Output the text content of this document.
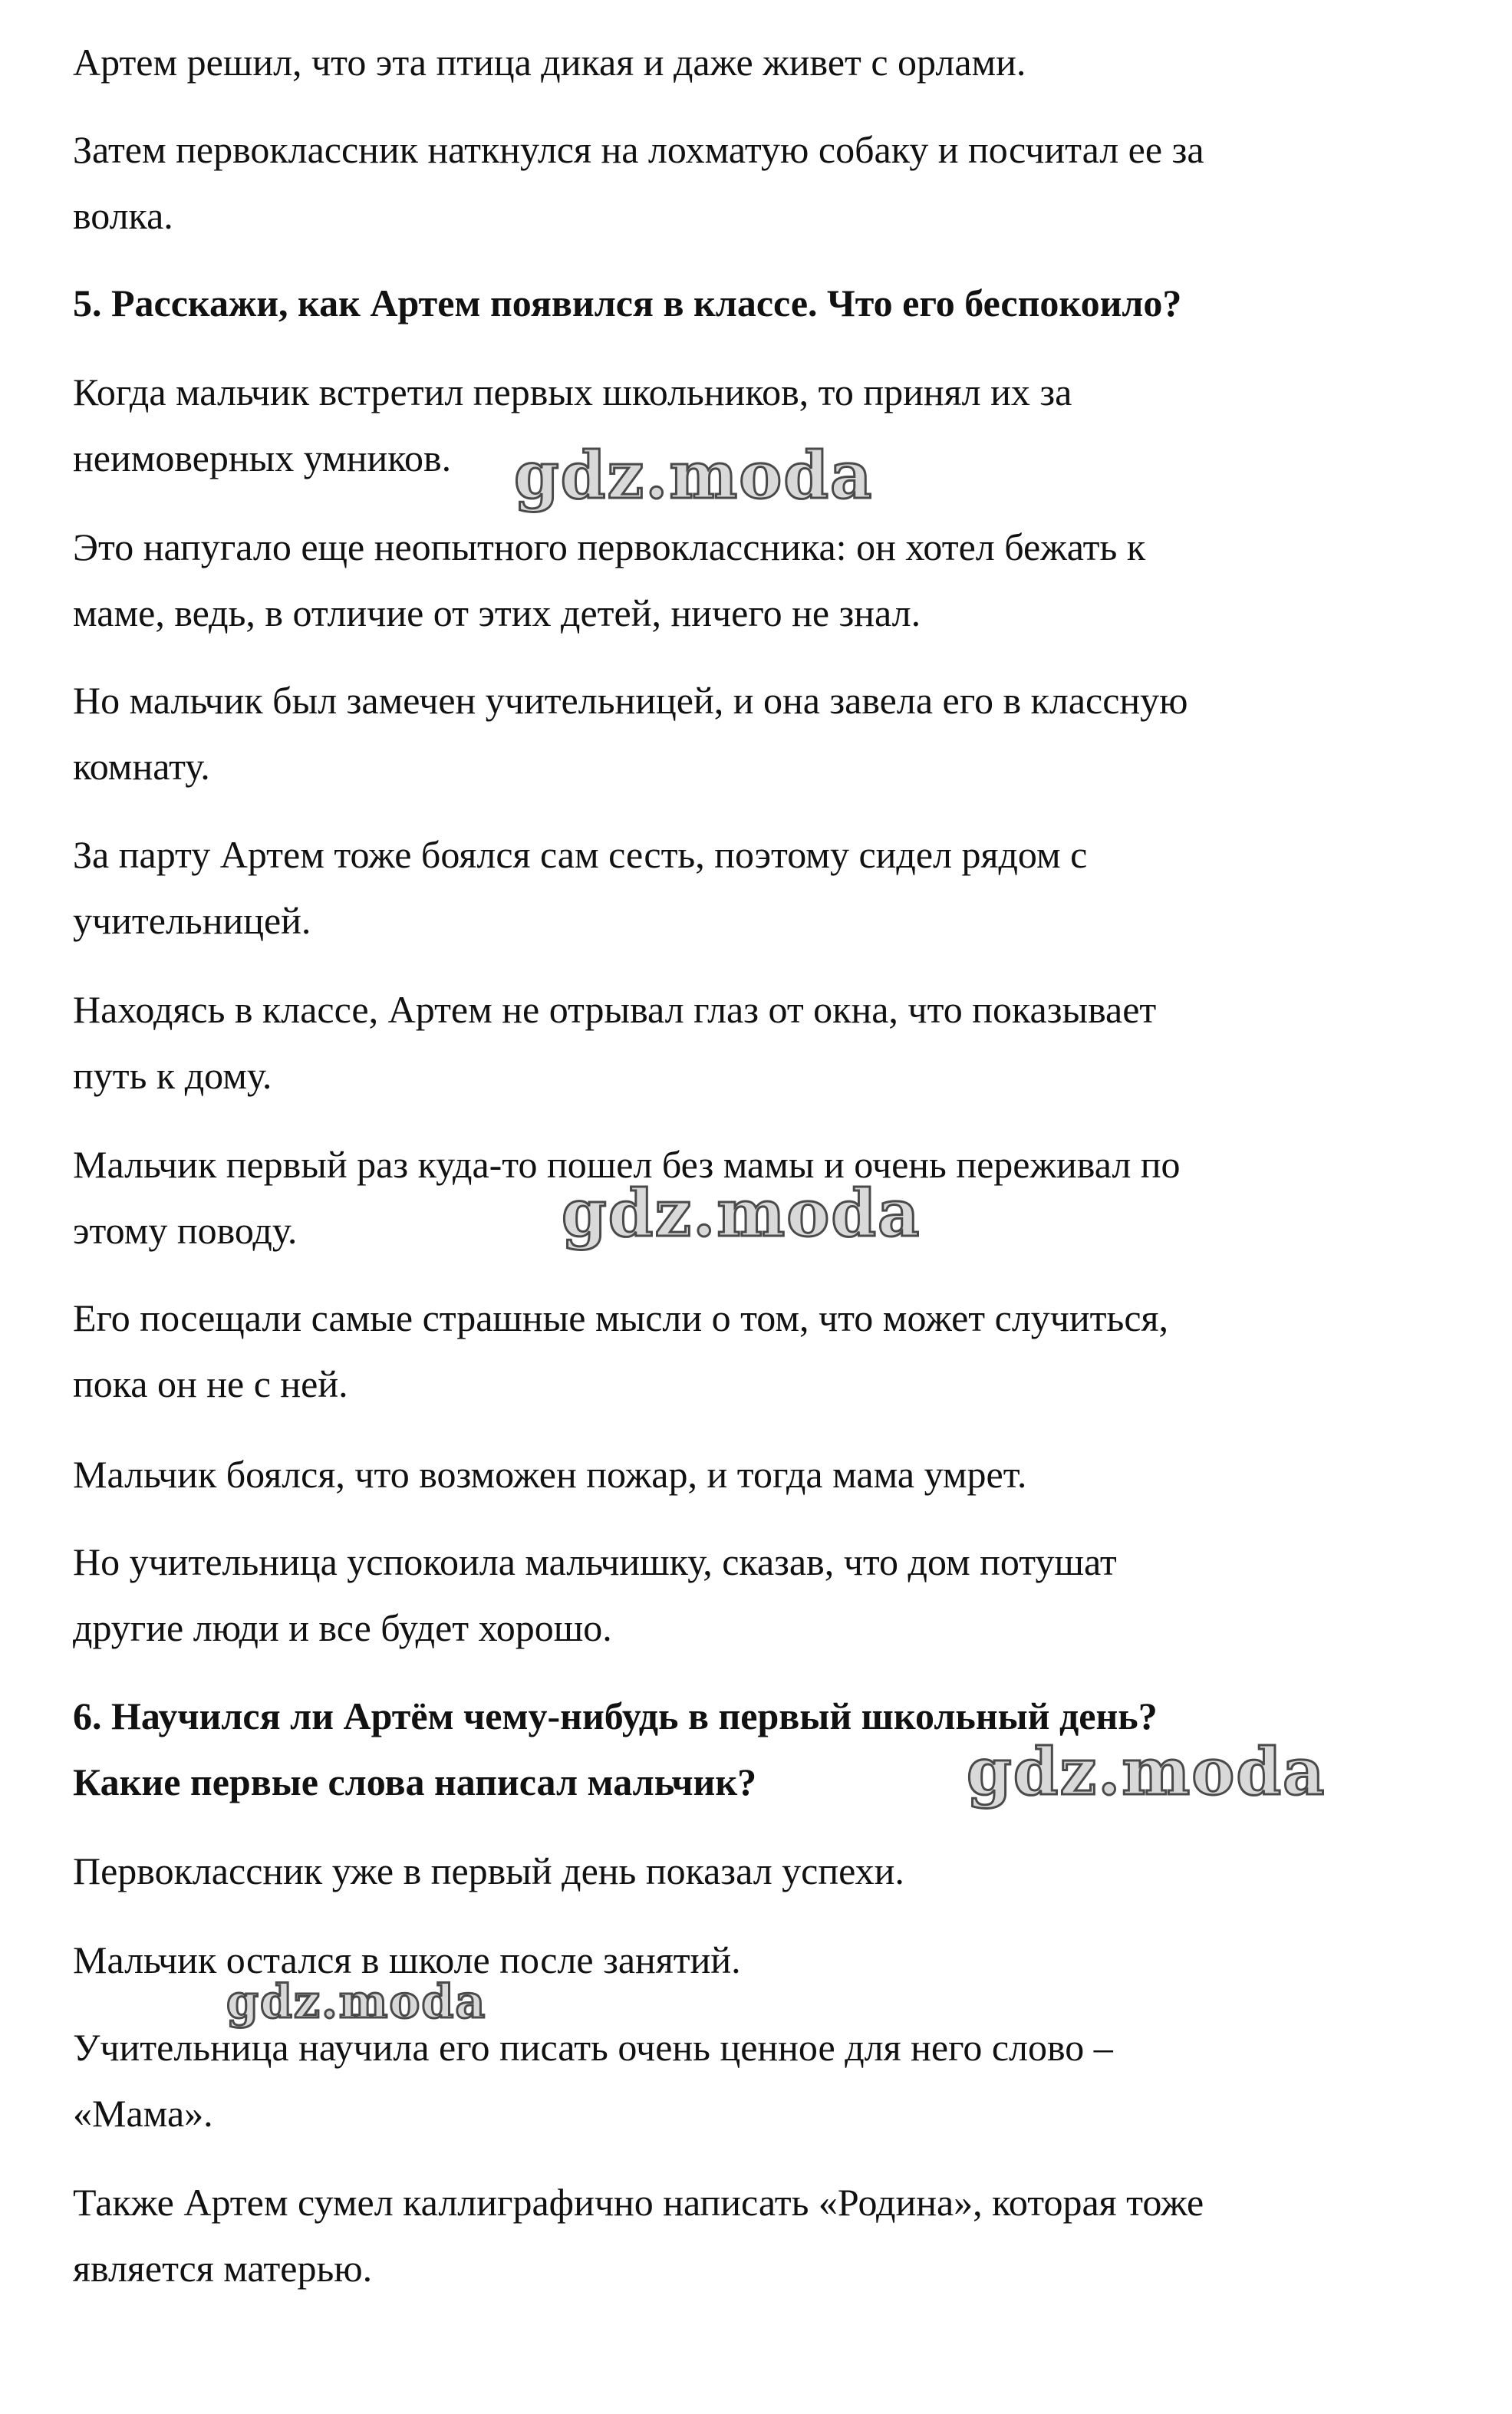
Артем решил, что эта птица дикая и даже живет с орлами.

Затем первоклассник наткнулся на лохматую собаку и посчитал ее за
волка.

5. Расскажи, как Артем появился в классе. Что его беспокоило?

Когда мальчик встретил первых школьников, то принял их за
неимоверных умников.

Это напугало еще неопытного первоклассника: он хотел бежать к
маме, ведь, в отличие от этих детей, ничего не знал.

Но мальчик был замечен учительницей, и она завела его в классную
комнату.

За парту Артем тоже боялся сам сесть, поэтому сидел рядом с
учительницей.

Находясь в классе, Артем не отрывал глаз от окна, что показывает
путь к дому.

Мальчик первый раз куда-то пошел без мамы и очень переживал по
этому поводу.

Его посещали самые страшные мысли о том, что может случиться,
пока он не с ней.

Мальчик боялся, что возможен пожар, и тогда мама умрет.

Но учительница успокоила мальчишку, сказав, что дом потушат
другие люди и все будет хорошо.

6. Научился ли Артём чему-нибудь в первый школьный день?
Какие первые слова написал мальчик?

Первоклассник уже в первый день показал успехи.

Мальчик остался в школе после занятий.

Учительница научила его писать очень ценное для него слово –
«Мама».

Также Артем сумел каллиграфично написать «Родина», которая тоже
является матерью.

gdz.moda
gdz.moda
gdz.moda
gdz.moda
